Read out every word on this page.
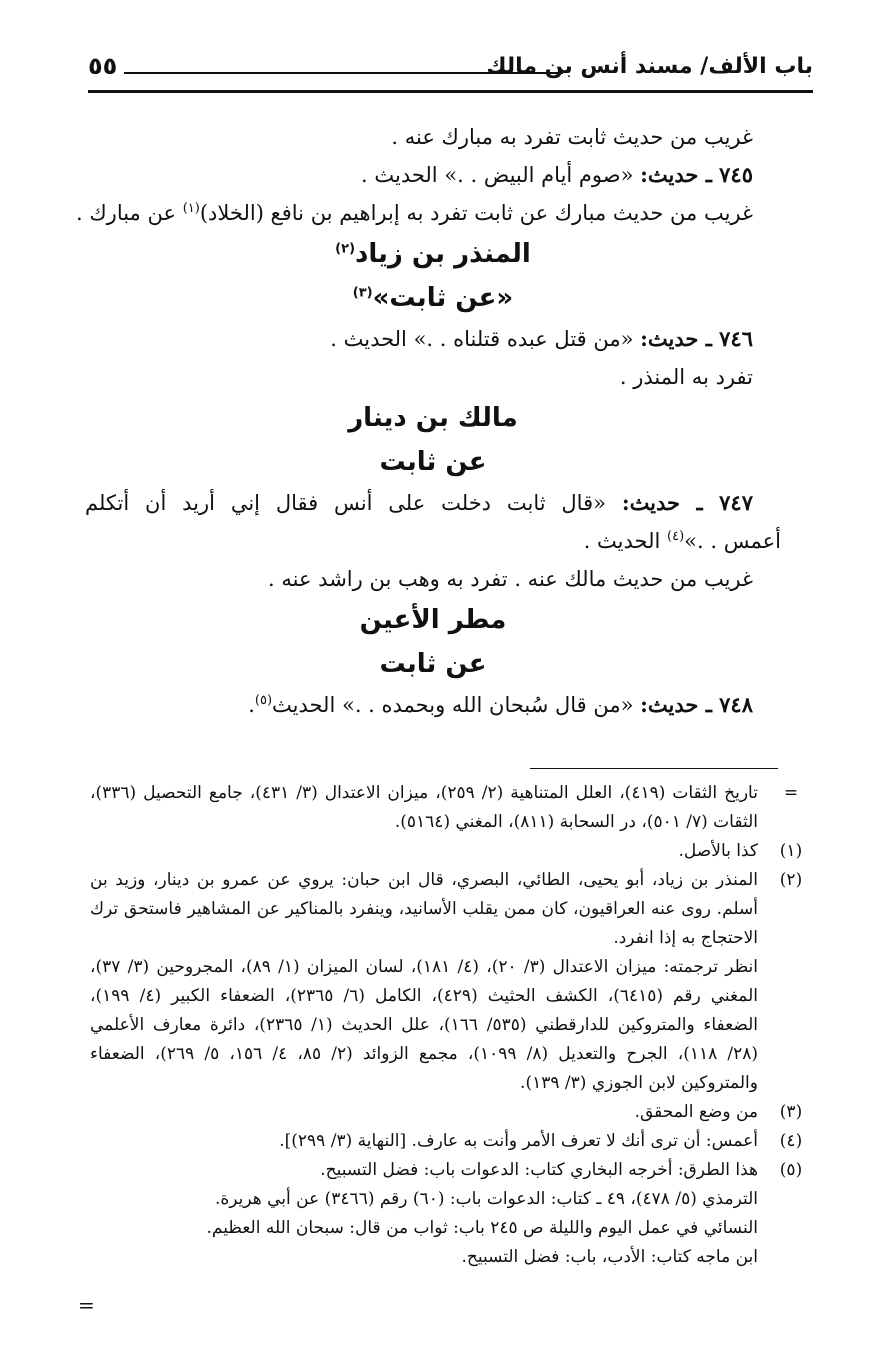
باب الألف/ مسند أنس بن مالك
٥٥
غريب من حديث ثابت تفرد به مبارك عنه .
٧٤٥ ـ حديث: «صوم أيام البيض . .» الحديث .
غريب من حديث مبارك عن ثابت تفرد به إبراهيم بن نافع (الخلاد)$^{(١)}$ عن مبارك .
المنذر بن زياد$^{(٢)}$
«عن ثابت»$^{(٣)}$
٧٤٦ ـ حديث: «من قتل عبده قتلناه . .» الحديث .
تفرد به المنذر .
مالك بن دينار
عن ثابت
٧٤٧ ـ حديث: «قال ثابت دخلت على أنس فقال إني أريد أن أتكلم
أعمس . .»$^{(٤)}$ الحديث .
غريب من حديث مالك عنه . تفرد به وهب بن راشد عنه .
مطر الأعين
عن ثابت
٧٤٨ ـ حديث: «من قال سُبحان الله وبحمده . .» الحديث$^{(٥)}$.
=

تاريخ الثقات (٤١٩)، العلل المتناهية (٢/ ٢٥٩)، ميزان الاعتدال (٣/ ٤٣١)، جامع التحصيل (٣٣٦)، الثقات (٧/ ٥٠١)، در السحابة (٨١١)، المغني (٥١٦٤).

(١)

كذا بالأصل.

(٢)

المنذر بن زياد، أبو يحيى، الطائي، البصري، قال ابن حبان: يروي عن عمرو بن دينار، وزيد بن أسلم. روى عنه العراقيون، كان ممن يقلب الأسانيد، وينفرد بالمناكير عن المشاهير فاستحق ترك الاحتجاج به إذا انفرد.

انظر ترجمته: ميزان الاعتدال (٣/ ٢٠)، (٤/ ١٨١)، لسان الميزان (١/ ٨٩)، المجروحين (٣/ ٣٧)، المغني رقم (٦٤١٥)، الكشف الحثيث (٤٢٩)، الكامل (٦/ ٢٣٦٥)، الضعفاء الكبير (٤/ ١٩٩)، الضعفاء والمتروكين للدارقطني (٥٣٥/ ١٦٦)، علل الحديث (١/ ٢٣٦٥)، دائرة معارف الأعلمي (٢٨/ ١١٨)، الجرح والتعديل (٨/ ١٠٩٩)، مجمع الزوائد (٢/ ٨٥، ٤/ ١٥٦، ٥/ ٢٦٩)، الضعفاء والمتروكين لابن الجوزي (٣/ ١٣٩).

(٣)

من وضع المحقق.

(٤)

أعمس: أن ترى أنك لا تعرف الأمر وأنت به عارف. [النهاية (٣/ ٢٩٩)].

(٥)

هذا الطرق: أخرجه البخاري كتاب: الدعوات باب: فضل التسبيح.

الترمذي (٥/ ٤٧٨)، ٤٩ ـ كتاب: الدعوات باب: (٦٠) رقم (٣٤٦٦) عن أبي هريرة.

النسائي في عمل اليوم والليلة ص ٢٤٥ باب: ثواب من قال: سبحان الله العظيم.

ابن ماجه كتاب: الأدب، باب: فضل التسبيح.

=
